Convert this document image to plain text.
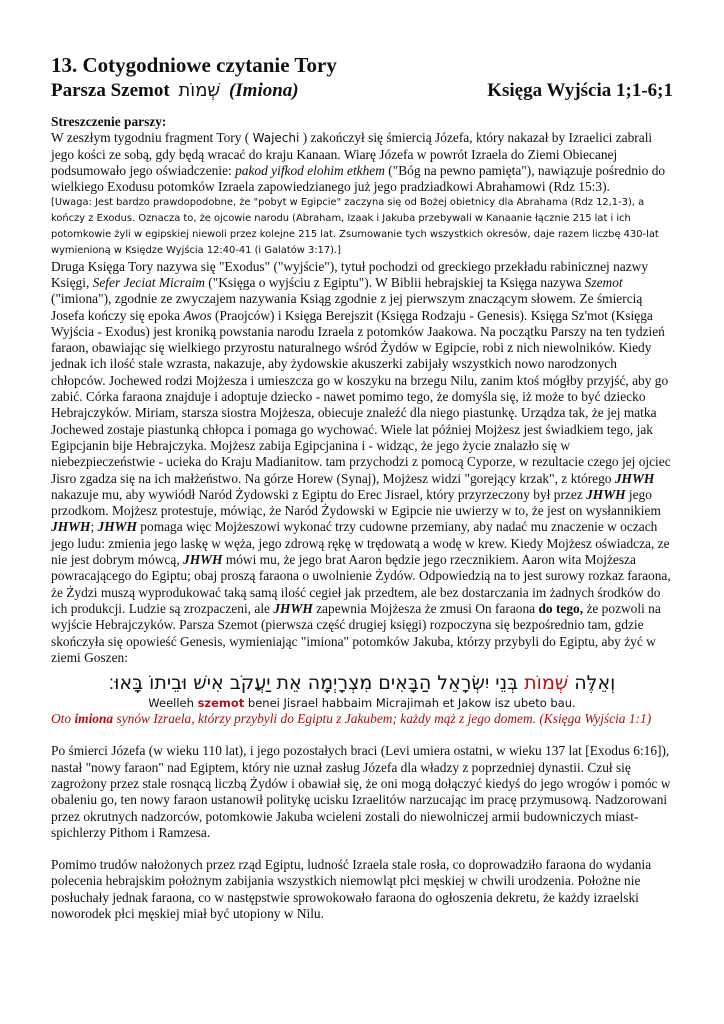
13. Cotygodniowe czytanie Tory
Parsza Szemot שְׁמוֹת (Imiona)	Księga Wyjścia 1;1-6;1
Streszczenie parszy:

W zeszłym tygodniu fragment Tory ( Wajechi ) zakończył się śmiercią Józefa, który nakazał by Izraelici zabrali jego kości ze sobą, gdy będą wracać do kraju Kanaan. Wiarę Józefa w powrót Izraela do Ziemi Obiecanej podsumowało jego oświadczenie: pakod yifkod elohim etkhem ("Bóg na pewno pamięta"), nawiązuje pośrednio do wielkiego Exodusu potomków Izraela zapowiedzianego już jego pradziadkowi Abrahamowi (Rdz 15:3).

[Uwaga: Jest bardzo prawdopodobne, że "pobyt w Egipcie" zaczyna się od Bożej obietnicy dla Abrahama (Rdz 12,1-3), a kończy z Exodus. Oznacza to, że ojcowie narodu (Abraham, Izaak i Jakuba przebywali w Kanaanie łącznie 215 lat i ich potomkowie żyli w egipskiej niewoli przez kolejne 215 lat. Zsumowanie tych wszystkich okresów, daje razem liczbę 430-lat wymienioną w Księdze Wyjścia 12:40-41 (i Galatów 3:17).]

Druga Księga Tory nazywa się "Exodus" ("wyjście"), tytuł pochodzi od greckiego przekładu rabinicznej nazwy Księgi, Sefer Jeciat Micraim ("Księga o wyjściu z Egiptu"). W Biblii hebrajskiej ta Księga nazywa Szemot ("imiona"), zgodnie ze zwyczajem nazywania Ksiąg zgodnie z jej pierwszym znaczącym słowem. Ze śmiercią Josefa kończy się epoka Awos (Praojców) i Księga Berejszit (Księga Rodzaju - Genesis). Księga Sz'mot (Księga Wyjścia - Exodus) jest kroniką powstania narodu Izraela z potomków Jaakowa. Na początku Parszy na ten tydzień faraon, obawiając się wielkiego przyrostu naturalnego wśród Żydów w Egipcie, robi z nich niewolników. Kiedy jednak ich ilość stale wzrasta, nakazuje, aby żydowskie akuszerki zabijały wszystkich nowo narodzonych chłopców. Jochewed rodzi Mojżesza i umieszcza go w koszyku na brzegu Nilu, zanim ktoś mógłby przyjść, aby go zabić. Córka faraona znajduje i adoptuje dziecko - nawet pomimo tego, że domyśla się, iż może to być dziecko Hebrajczyków. Miriam, starsza siostra Mojżesza, obiecuje znaleźć dla niego piastunkę. Urządza tak, że jej matka Jochewed zostaje piastunką chłopca i pomaga go wychować. Wiele lat później Mojżesz jest świadkiem tego, jak Egipcjanin bije Hebrajczyka. Mojżesz zabija Egipcjanina i - widząc, że jego życie znalazło się w niebezpieczeństwie - ucieka do Kraju Madianitow. tam przychodzi z pomocą Cyporze, w rezultacie czego jej ojciec Jisro zgadza się na ich małżeństwo. Na górze Horew (Synaj), Mojżesz widzi "gorejący krzak", z którego JHWH nakazuje mu, aby wywiódł Naród Żydowski z Egiptu do Erec Jisrael, który przyrzeczony był przez JHWH jego przodkom. Mojżesz protestuje, mówiąc, że Naród Żydowski w Egipcie nie uwierzy w to, że jest on wysłannikiem JHWH; JHWH pomaga więc Mojżeszowi wykonać trzy cudowne przemiany, aby nadać mu znaczenie w oczach jego ludu: zmienia jego laskę w węża, jego zdrową rękę w trędowatą a wodę w krew. Kiedy Mojżesz oświadcza, ze nie jest dobrym mówcą, JHWH mówi mu, że jego brat Aaron będzie jego rzecznikiem. Aaron wita Mojżesza powracającego do Egiptu; obaj proszą faraona o uwolnienie Żydów. Odpowiedzią na to jest surowy rozkaz faraona, że Żydzi muszą wyprodukować taką samą ilość cegieł jak przedtem, ale bez dostarczania im żadnych środków do ich produkcji. Ludzie są zrozpaczeni, ale JHWH zapewnia Mojżesza że zmusi On faraona do tego, że pozwoli na wyjście Hebrajczyków. Parsza Szemot (pierwsza część drugiej księgi) rozpoczyna się bezpośrednio tam, gdzie skończyła się opowieść Genesis, wymieniając "imiona" potomków Jakuba, którzy przybyli do Egiptu, aby żyć w ziemi Goszen:

וְאֵלֶּה שְׁמוֹת בְּנֵי יִשְׂרָאֵל הַבָּאִים מִצְרָיְמָה אֵת יַעֲקֹב אִישׁ וּבֵיתוֹ בָּאוּ׃
Weelleh szemot benei Jisrael habbaim Micrajimah et Jakow isz ubeto bau.
Oto imiona synów Izraela, którzy przybyli do Egiptu z Jakubem; każdy mąż z jego domem. (Księga Wyjścia 1:1)

Po śmierci Józefa (w wieku 110 lat), i jego pozostałych braci (Levi umiera ostatni, w wieku 137 lat [Exodus 6:16]), nastał "nowy faraon" nad Egiptem, który nie uznał zasług Józefa dla władzy z poprzedniej dynastii. Czuł się zagrożony przez stale rosnącą liczbą Żydów i obawiał się, że oni mogą dołączyć kiedyś do jego wrogów i pomóc w obaleniu go, ten nowy faraon ustanowił politykę ucisku Izraelitów narzucając im pracę przymusową. Nadzorowani przez okrutnych nadzorców, potomkowie Jakuba wcieleni zostali do niewolniczej armii budowniczych miast-spichlerzy Pithom i Ramzesa.

Pomimo trudów nałożonych przez rząd Egiptu, ludność Izraela stale rosła, co doprowadziło faraona do wydania polecenia hebrajskim położnym zabijania wszystkich niemowląt płci męskiej w chwili urodzenia. Położne nie posłuchały jednak faraona, co w następstwie sprowokowało faraona do ogłoszenia dekretu, że każdy izraelski noworodek płci męskiej miał być utopiony w Nilu.
